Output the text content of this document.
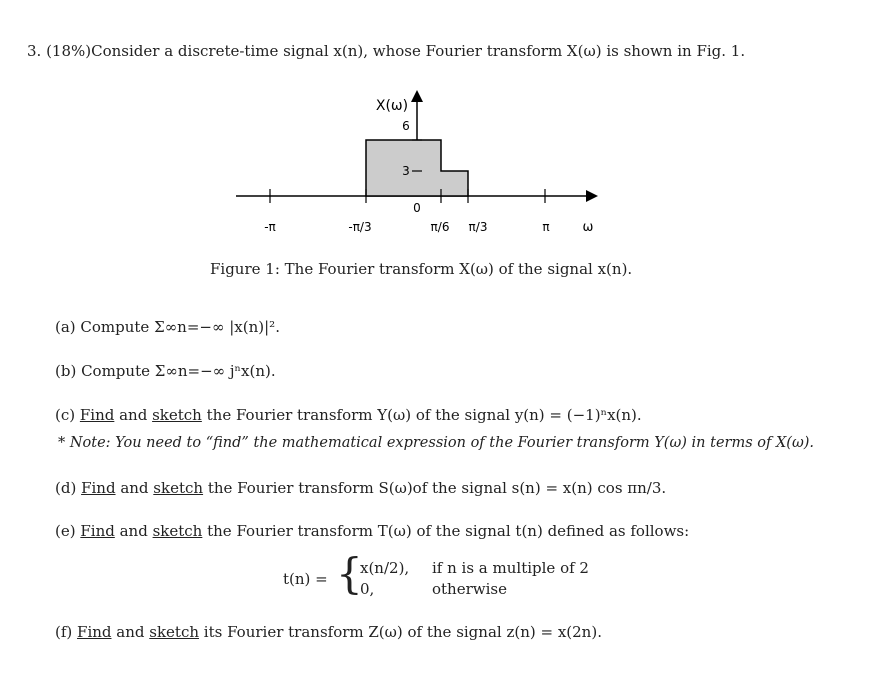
3. (18%)Consider a discrete-time signal x(n), whose Fourier transform X(ω) is shown in Fig. 1.
X(ω)
6
3
0
-π	-π/3	π/6 π/3	π	ω
Figure 1: The Fourier transform X(ω) of the signal x(n).
(a) Compute Σ∞n=−∞ |x(n)|².
(b) Compute Σ∞n=−∞ jⁿx(n).
(c) Find and sketch the Fourier transform Y(ω) of the signal y(n) = (−1)ⁿx(n).
* Note: You need to “find” the mathematical expression of the Fourier transform Y(ω) in terms of X(ω).
(d) Find and sketch the Fourier transform S(ω)of the signal s(n) = x(n) cos πn/3.
(e) Find and sketch the Fourier transform T(ω) of the signal t(n) defined as follows:
t(n) = {
x(n/2), if n is a multiple of 2
0,	otherwise
(f) Find and sketch its Fourier transform Z(ω) of the signal z(n) = x(2n).
